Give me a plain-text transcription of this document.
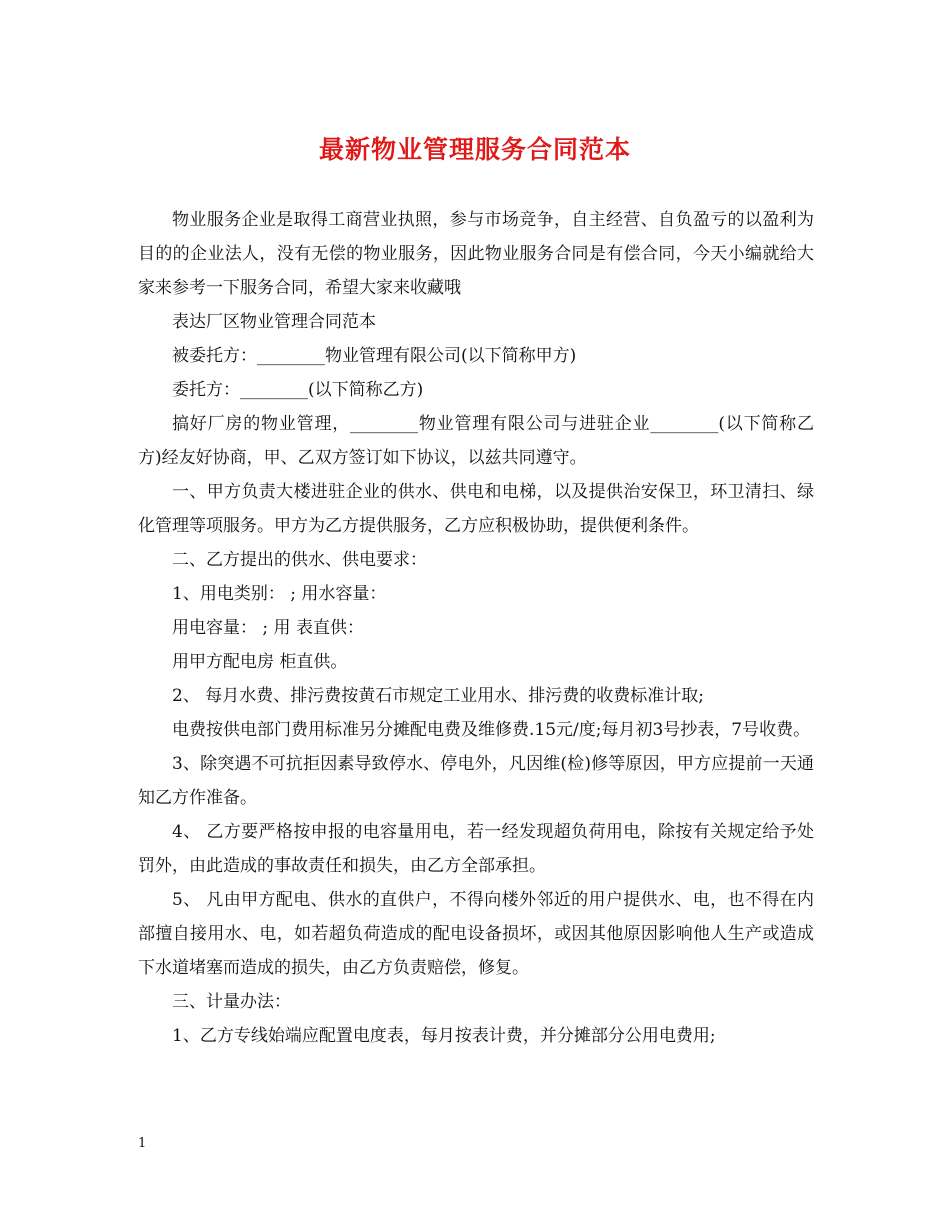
最新物业管理服务合同范本

物业服务企业是取得工商营业执照，参与市场竞争，自主经营、自负盈亏的以盈利为目的的企业法人，没有无偿的物业服务，因此物业服务合同是有偿合同，今天小编就给大家来参考一下服务合同，希望大家来收藏哦

表达厂区物业管理合同范本

被委托方：________物业管理有限公司(以下简称甲方)

委托方：________(以下简称乙方)

搞好厂房的物业管理，________物业管理有限公司与进驻企业________(以下简称乙方)经友好协商，甲、乙双方签订如下协议，以兹共同遵守。

一、甲方负责大楼进驻企业的供水、供电和电梯，以及提供治安保卫，环卫清扫、绿化管理等项服务。甲方为乙方提供服务，乙方应积极协助，提供便利条件。

二、乙方提出的供水、供电要求：

1、用电类别： ; 用水容量：

用电容量： ; 用 表直供：

用甲方配电房 柜直供。

2、 每月水费、排污费按黄石市规定工业用水、排污费的收费标准计取;

电费按供电部门费用标准另分摊配电费及维修费.15元/度;每月初3号抄表，7号收费。

3、除突遇不可抗拒因素导致停水、停电外，凡因维(检)修等原因，甲方应提前一天通知乙方作准备。

4、 乙方要严格按申报的电容量用电，若一经发现超负荷用电，除按有关规定给予处罚外，由此造成的事故责任和损失，由乙方全部承担。

5、 凡由甲方配电、供水的直供户，不得向楼外邻近的用户提供水、电，也不得在内部擅自接用水、电，如若超负荷造成的配电设备损坏，或因其他原因影响他人生产或造成下水道堵塞而造成的损失，由乙方负责赔偿，修复。

三、计量办法：

1、乙方专线始端应配置电度表，每月按表计费，并分摊部分公用电费用;

1
